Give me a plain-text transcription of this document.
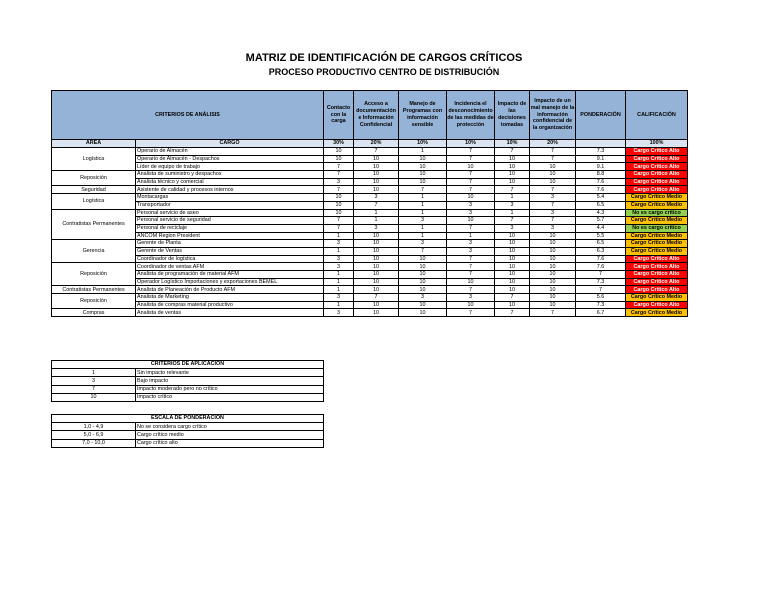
MATRIZ DE IDENTIFICACIÓN DE CARGOS CRÍTICOS
PROCESO PRODUCTIVO CENTRO DE DISTRIBUCIÓN
CRITERIOS DE ANÁLISIS		Contacto con la carga	Acceso a documentación e Información Confidencial	Manejo de Programas con información sensible	Incidencia el desconocimiento de las medidas de protección	Impacto de las decisiones tomadas	Impacto de un mal manejo de la información confidencial de la organización	PONDERACIÓN	CALIFICACIÓN
AREA	CARGO	30%	20%	10%	10%	10%	20%		100%
Logística	Operario de Almacén	10	7	1	7	7	7	7.3	Cargo Crítico Alto
	Operario de Almacén - Despachos	10	10	10	7	10	7	9.1	Cargo Crítico Alto
	Líder de equipo de trabajo	7	10	10	10	10	10	9.1	Cargo Crítico Alto
Reposición	Analista de suministro y despachos	7	10	10	7	10	10	8.8	Cargo Crítico Alto
	Analista técnico y comercial	3	10	10	7	10	10	7.6	Cargo Crítico Alto
Seguridad	Asistente de calidad y procesos internos	7	10	7	7	7	7	7.6	Cargo Crítico Alto
Logística	Montacargas	10	3	1	10	1	3	5.4	Cargo Crítico Medio
	Transportador	10	7	1	3	3	7	6.5	Cargo Crítico Medio
Contratistas Permanentes	Personal servicio de aseo	10	1	1	3	1	3	4.3	No es cargo crítico
	Personal servicio de seguridad	7	1	3	10	7	7	5.7	Cargo Crítico Medio
	Personal de reciclaje	7	3	1	7	3	3	4.4	No es cargo crítico
	ANCOM Region President	1	10	1	1	10	10	5.5	Cargo Crítico Medio
Gerencia	Gerente de Planta	3	10	3	3	10	10	6.5	Cargo Crítico Medio
	Gerente de Ventas	1	10	7	3	10	10	6.3	Cargo Crítico Medio
	Coordinador de logística	3	10	10	7	10	10	7.6	Cargo Crítico Alto
Reposición	Coordinador de ventas AFM	3	10	10	7	10	10	7.6	Cargo Crítico Alto
	Analista de programación de material AFM	1	10	10	7	10	10	7	Cargo Crítico Alto
	Operador Logístico Importaciones y exportaciones BEMEL	1	10	10	10	10	10	7.3	Cargo Crítico Alto
Contratistas Permanentes	Analista de Planeación de Producto AFM	1	10	10	7	10	10	7	Cargo Crítico Alto
Reposición	Analista de Marketing	3	7	3	3	7	10	5.6	Cargo Crítico Medio
	Analista de compras material productivo	1	10	10	10	10	10	7.3	Cargo Crítico Alto
Compras	Analista de ventas	3	10	10	7	7	7	6.7	Cargo Crítico Medio
CRITERIOS DE APLICACIÓN	
1	Sin impacto relevante
3	Bajo impacto
7	Impacto moderado pero no crítico
10	Impacto crítico
ESCALA DE PONDERACIÓN	
1,0 - 4,9	No se considera cargo crítico
5,0 - 6,9	Cargo crítico medio
7,0 - 10,0	Cargo crítico alto
